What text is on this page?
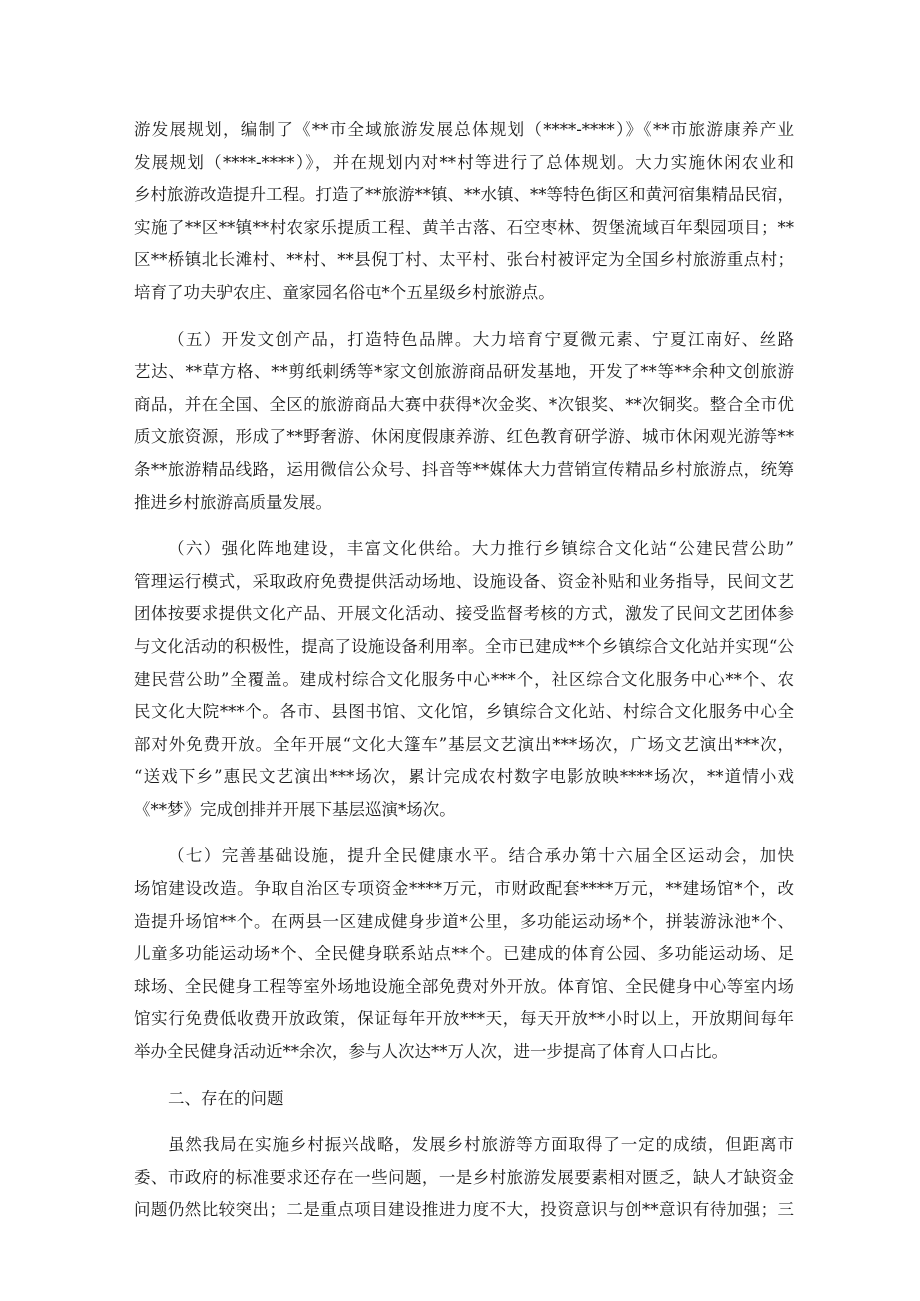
游发展规划，编制了《**市全域旅游发展总体规划（****-****）》《**市旅游康养产业
发展规划（****-****）》，并在规划内对**村等进行了总体规划。大力实施休闲农业和
乡村旅游改造提升工程。打造了**旅游**镇、**水镇、**等特色街区和黄河宿集精品民宿，
实施了**区**镇**村农家乐提质工程、黄羊古落、石空枣林、贺堡流域百年梨园项目；**
区**桥镇北长滩村、**村、**县倪丁村、太平村、张台村被评定为全国乡村旅游重点村；
培育了功夫驴农庄、童家园名俗屯*个五星级乡村旅游点。
（五）开发文创产品，打造特色品牌。大力培育宁夏微元素、宁夏江南好、丝路
艺达、**草方格、**剪纸刺绣等*家文创旅游商品研发基地，开发了**等**余种文创旅游
商品，并在全国、全区的旅游商品大赛中获得*次金奖、*次银奖、**次铜奖。整合全市优
质文旅资源，形成了**野奢游、休闲度假康养游、红色教育研学游、城市休闲观光游等**
条**旅游精品线路，运用微信公众号、抖音等**媒体大力营销宣传精品乡村旅游点，统筹
推进乡村旅游高质量发展。
（六）强化阵地建设，丰富文化供给。大力推行乡镇综合文化站“公建民营公助”
管理运行模式，采取政府免费提供活动场地、设施设备、资金补贴和业务指导，民间文艺
团体按要求提供文化产品、开展文化活动、接受监督考核的方式，激发了民间文艺团体参
与文化活动的积极性，提高了设施设备利用率。全市已建成**个乡镇综合文化站并实现“公
建民营公助”全覆盖。建成村综合文化服务中心***个，社区综合文化服务中心**个、农
民文化大院***个。各市、县图书馆、文化馆，乡镇综合文化站、村综合文化服务中心全
部对外免费开放。全年开展“文化大篷车”基层文艺演出***场次，广场文艺演出***次，
“送戏下乡”惠民文艺演出***场次，累计完成农村数字电影放映****场次，**道情小戏
《**梦》完成创排并开展下基层巡演*场次。
（七）完善基础设施，提升全民健康水平。结合承办第十六届全区运动会，加快
场馆建设改造。争取自治区专项资金****万元，市财政配套****万元，**建场馆*个，改
造提升场馆**个。在两县一区建成健身步道*公里，多功能运动场*个，拼装游泳池*个、
儿童多功能运动场*个、全民健身联系站点**个。已建成的体育公园、多功能运动场、足
球场、全民健身工程等室外场地设施全部免费对外开放。体育馆、全民健身中心等室内场
馆实行免费低收费开放政策，保证每年开放***天，每天开放**小时以上，开放期间每年
举办全民健身活动近**余次，参与人次达**万人次，进一步提高了体育人口占比。
二、存在的问题
虽然我局在实施乡村振兴战略，发展乡村旅游等方面取得了一定的成绩，但距离市
委、市政府的标准要求还存在一些问题，一是乡村旅游发展要素相对匮乏，缺人才缺资金
问题仍然比较突出；二是重点项目建设推进力度不大，投资意识与创**意识有待加强；三
